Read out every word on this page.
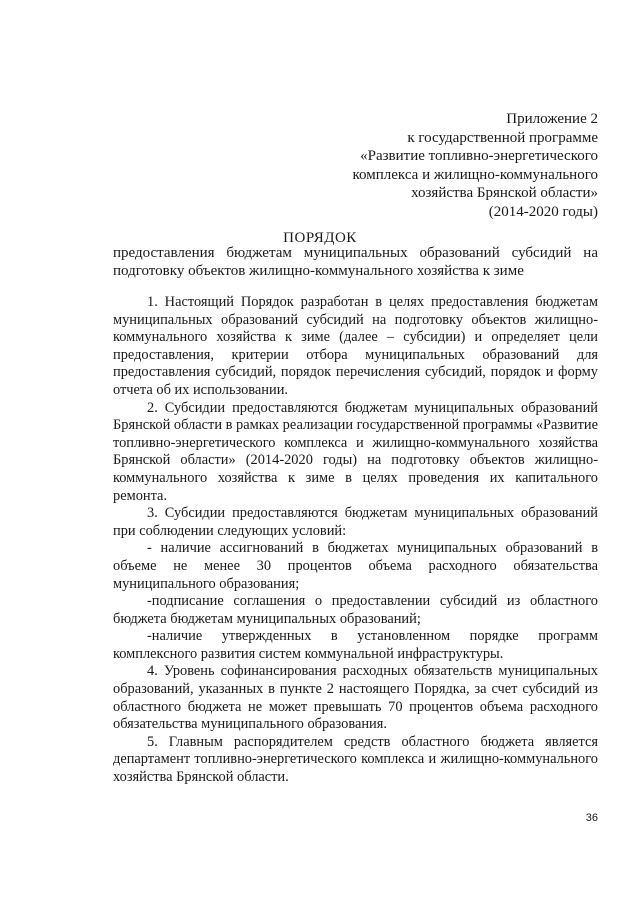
Приложение 2
к государственной программе
«Развитие топливно-энергетического
комплекса и жилищно-коммунального
хозяйства Брянской области»
(2014-2020 годы)
ПОРЯДОК
предоставления бюджетам муниципальных образований субсидий на подготовку объектов жилищно-коммунального хозяйства к зиме

1. Настоящий Порядок разработан в целях предоставления бюджетам муниципальных образований субсидий на подготовку объектов жилищно-коммунального хозяйства к зиме (далее – субсидии) и определяет цели предоставления, критерии отбора муниципальных образований для предоставления субсидий, порядок перечисления субсидий, порядок и форму отчета об их использовании.

2. Субсидии предоставляются бюджетам муниципальных образований Брянской области в рамках реализации государственной программы «Развитие топливно-энергетического комплекса и жилищно-коммунального хозяйства Брянской области» (2014-2020 годы) на подготовку объектов жилищно-коммунального хозяйства к зиме в целях проведения их капитального ремонта.

3. Субсидии предоставляются бюджетам муниципальных образований при соблюдении следующих условий:

- наличие ассигнований в бюджетах муниципальных образований в объеме не менее 30 процентов объема расходного обязательства муниципального образования;

-подписание соглашения о предоставлении субсидий из областного бюджета бюджетам муниципальных образований;

-наличие утвержденных в установленном порядке программ комплексного развития систем коммунальной инфраструктуры.

4. Уровень софинансирования расходных обязательств муниципальных образований, указанных в пункте 2 настоящего Порядка, за счет субсидий из областного бюджета не может превышать 70 процентов объема расходного обязательства муниципального образования.

5. Главным распорядителем средств областного бюджета является департамент топливно-энергетического комплекса и жилищно-коммунального хозяйства Брянской области.

36
